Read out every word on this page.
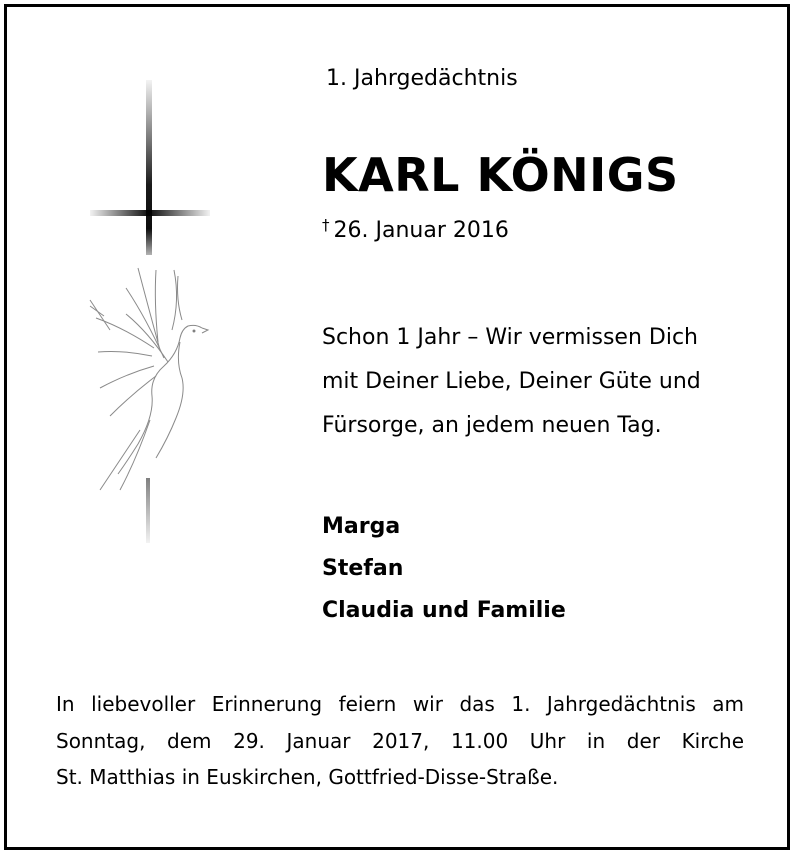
1. Jahrgedächtnis
KARL KÖNIGS
† 26. Januar 2016
Schon 1 Jahr – Wir vermissen Dich
mit Deiner Liebe, Deiner Güte und
Fürsorge, an jedem neuen Tag.
Marga
Stefan
Claudia und Familie
In liebevoller Erinnerung feiern wir das 1. Jahrgedächtnis am
Sonntag, dem 29. Januar 2017, 11.00 Uhr in der Kirche
St. Matthias in Euskirchen, Gottfried-Disse-Straße.
